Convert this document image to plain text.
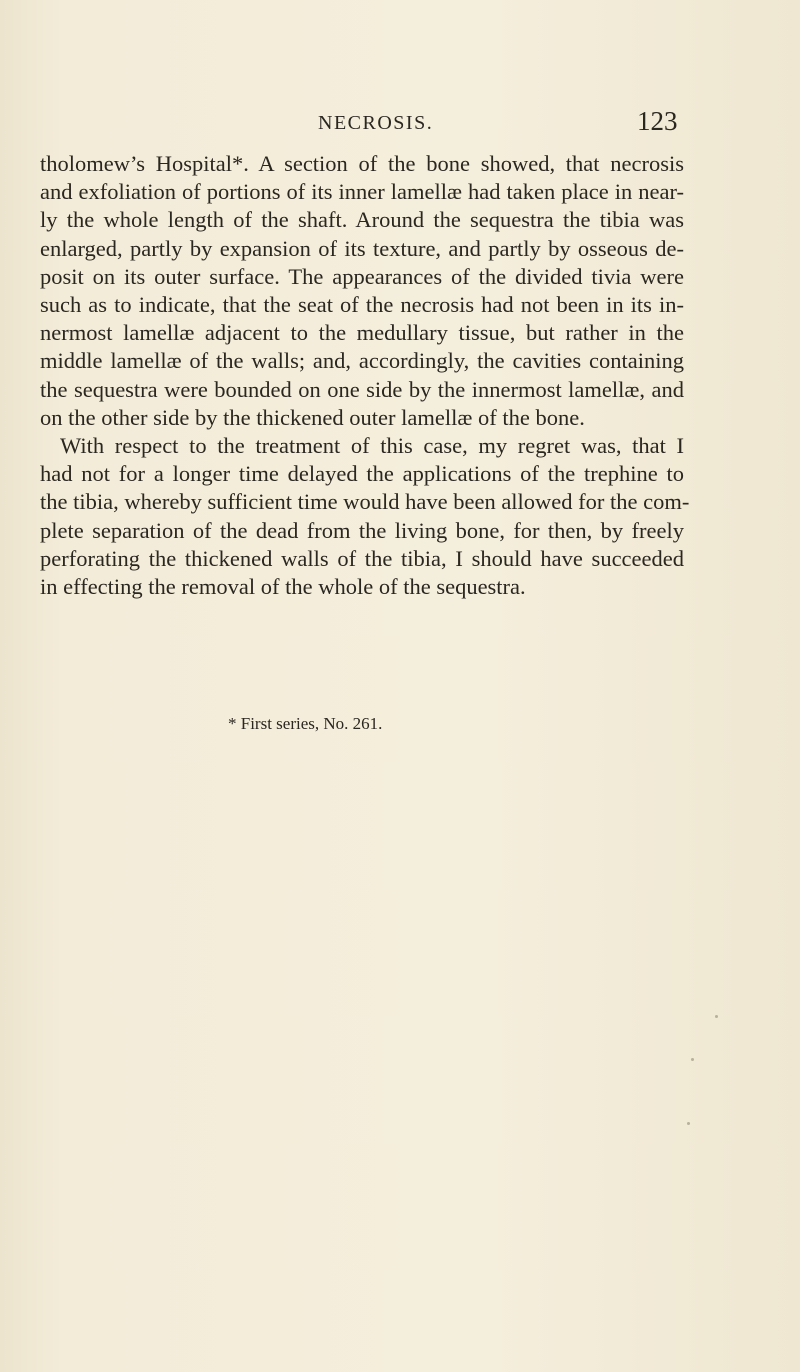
NECROSIS.	123
tholomew’s Hospital*. A section of the bone showed, that necrosis
and exfoliation of portions of its inner lamellæ had taken place in near-
ly the whole length of the shaft. Around the sequestra the tibia was
enlarged, partly by expansion of its texture, and partly by osseous de-
posit on its outer surface. The appearances of the divided tivia were
such as to indicate, that the seat of the necrosis had not been in its in-
nermost lamellæ adjacent to the medullary tissue, but rather in the
middle lamellæ of the walls; and, accordingly, the cavities containing
the sequestra were bounded on one side by the innermost lamellæ, and
on the other side by the thickened outer lamellæ of the bone.
With respect to the treatment of this case, my regret was, that I
had not for a longer time delayed the applications of the trephine to
the tibia, whereby sufficient time would have been allowed for the com-
plete separation of the dead from the living bone, for then, by freely
perforating the thickened walls of the tibia, I should have succeeded
in effecting the removal of the whole of the sequestra.
* First series, No. 261.
